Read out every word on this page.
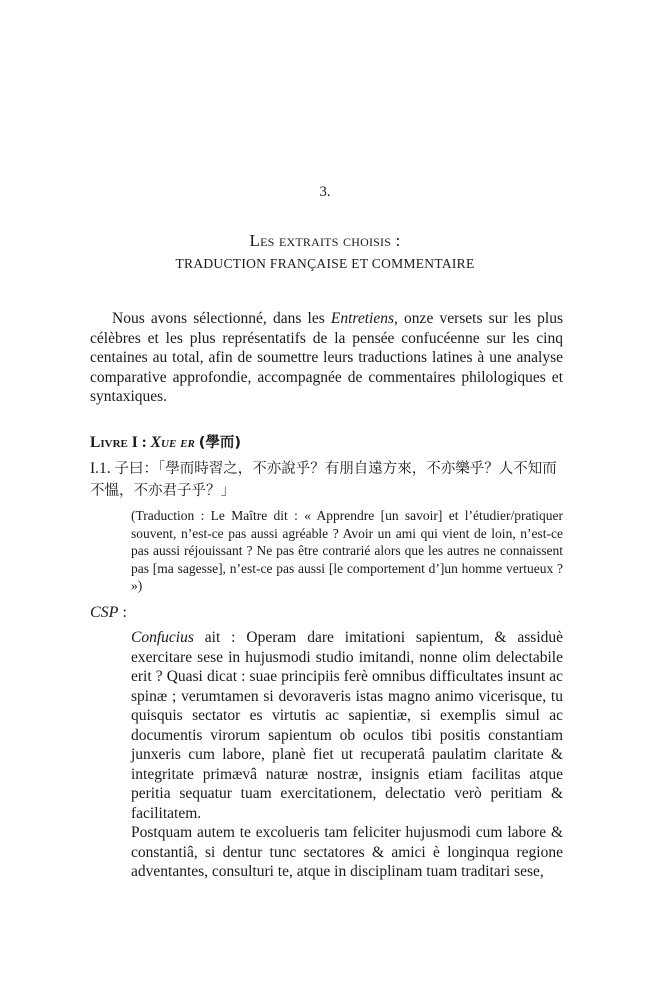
3.
Les extraits choisis :
TRADUCTION FRANÇAISE ET COMMENTAIRE

Nous avons sélectionné, dans les Entretiens, onze versets sur les plus célèbres et les plus représentatifs de la pensée confucéenne sur les cinq centaines au total, afin de soumettre leurs traductions latines à une analyse comparative approfondie, accompagnée de commentaires philologiques et syntaxiques.

Livre I : Xue er (學而)

I.1. 子曰：「學而時習之，不亦說乎？有朋自遠方來，不亦樂乎？人不知而不慍，不亦君子乎？」

(Traduction : Le Maître dit : « Apprendre [un savoir] et l’étudier/pratiquer souvent, n’est-ce pas aussi agréable ? Avoir un ami qui vient de loin, n’est-ce pas aussi réjouissant ? Ne pas être contrarié alors que les autres ne connaissent pas [ma sagesse], n’est-ce pas aussi [le comportement d’]un homme vertueux ? »)

CSP :

Confucius ait : Operam dare imitationi sapientum, & assiduè exercitare sese in hujusmodi studio imitandi, nonne olim delectabile erit ? Quasi dicat : suae principiis ferè omnibus difficultates insunt ac spinæ ; verumtamen si devoraveris istas magno animo vicerisque, tu quisquis sectator es virtutis ac sapientiæ, si exemplis simul ac documentis virorum sapientum ob oculos tibi positis constantiam junxeris cum labore, planè fiet ut recuperatâ paulatim claritate & integritate primævâ naturæ nostræ, insignis etiam facilitas atque peritia sequatur tuam exercitationem, delectatio verò peritiam & facilitatem.

Postquam autem te excolueris tam feliciter hujusmodi cum labore & constantiâ, si dentur tunc sectatores & amici è longinqua regione adventantes, consulturi te, atque in disciplinam tuam traditari sese,
